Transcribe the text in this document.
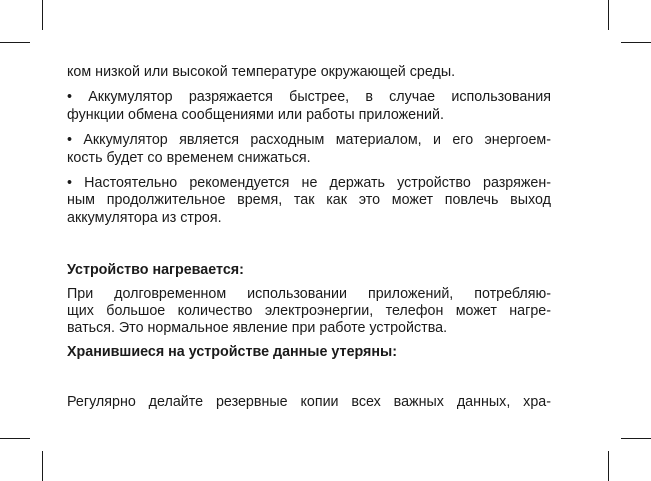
ком низкой или высокой температуре окружающей среды.
• Аккумулятор разряжается быстрее, в случае использования
функции обмена сообщениями или работы приложений.
• Аккумулятор является расходным материалом, и его энергоем-
кость будет со временем снижаться.
• Настоятельно рекомендуется не держать устройство разряжен-
ным продолжительное время, так как это может повлечь выход
аккумулятора из строя.
Устройство нагревается:
При долговременном использовании приложений, потребляю-
щих большое количество электроэнергии, телефон может нагре-
ваться. Это нормальное явление при работе устройства.
Хранившиеся на устройстве данные утеряны:
Регулярно делайте резервные копии всех важных данных, хра-
